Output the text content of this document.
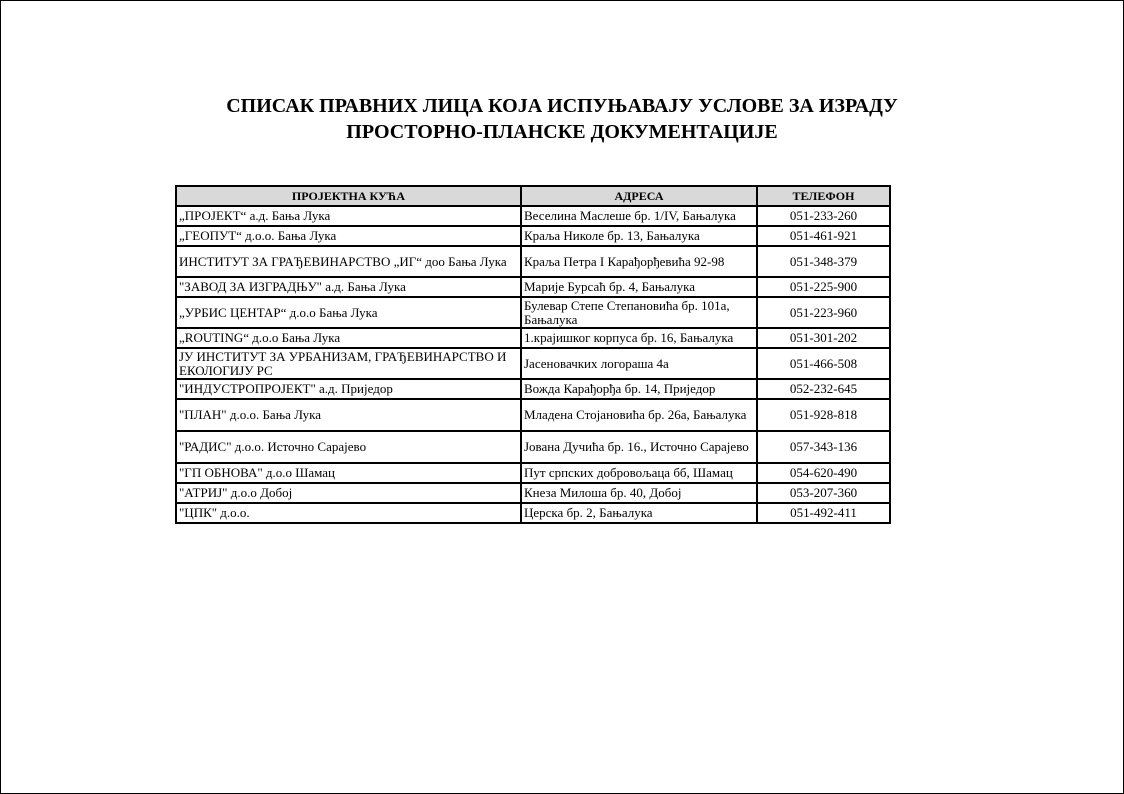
СПИСАК ПРАВНИХ ЛИЦА КОЈА ИСПУЊАВАЈУ УСЛОВЕ ЗА ИЗРАДУ
ПРОСТОРНО-ПЛАНСКЕ ДОКУМЕНТАЦИЈЕ
ПРОЈЕКТНА КУЋА	АДРЕСА	ТЕЛЕФОН
„ПРОЈЕКТ“ а.д. Бања Лука	Веселина Маслеше бр. 1/IV, Бањалука	051-233-260
„ГЕОПУТ“ д.о.о. Бања Лука	Краља Николе бр. 13, Бањалука	051-461-921
ИНСТИТУТ ЗА ГРАЂЕВИНАРСТВО „ИГ“ доо Бања Лука	Краља Петра I Карађорђевића 92-98	051-348-379
"ЗАВОД ЗА ИЗГРАДЊУ" а.д. Бања Лука	Марије Бурсаћ бр. 4, Бањалука	051-225-900
„УРБИС ЦЕНТАР“ д.о.о Бања Лука	Булевар Степе Степановића бр. 101а, Бањалука	051-223-960
„ROUTING“ д.о.о Бања Лука	1.крајишког корпуса бр. 16, Бањалука	051-301-202
ЈУ ИНСТИТУТ ЗА УРБАНИЗАМ, ГРАЂЕВИНАРСТВО И ЕКОЛОГИЈУ РС	Јасеновачких логораша 4а	051-466-508
"ИНДУСТРОПРОЈЕКТ" а.д. Приједор	Вожда Карађорђа бр. 14, Приједор	052-232-645
"ПЛАН" д.о.о. Бања Лука	Младена Стојановића бр. 26а, Бањалука	051-928-818
"РАДИС" д.о.о. Источно Сарајево	Јована Дучића бр. 16., Источно Сарајево	057-343-136
"ГП ОБНОВА" д.о.о Шамац	Пут српских добровољаца бб, Шамац	054-620-490
"АТРИЈ" д.о.о Добој	Кнеза Милоша бр. 40, Добој	053-207-360
"ЦПК" д.о.о.	Церска бр. 2, Бањалука	051-492-411
